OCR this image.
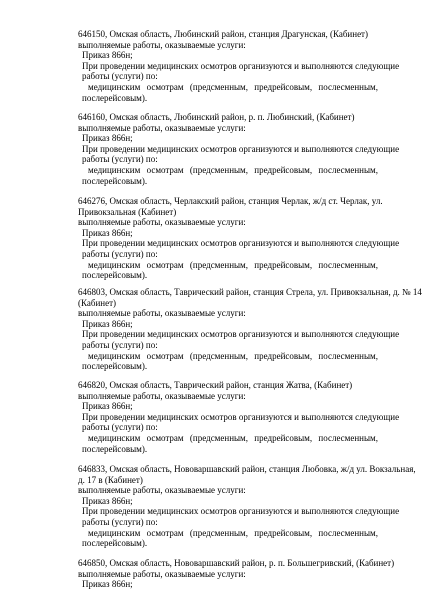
646150, Омская область, Любинский район, станция Драгунская, (Кабинет)
выполняемые работы, оказываемые услуги:
Приказ 866н;
При проведении медицинских осмотров организуются и выполняются следующие
работы (услуги) по:
медицинским осмотрам (предсменным, предрейсовым, послесменным,
послерейсовым).
646160, Омская область, Любинский район, р. п. Любинский, (Кабинет)
выполняемые работы, оказываемые услуги:
Приказ 866н;
При проведении медицинских осмотров организуются и выполняются следующие
работы (услуги) по:
медицинским осмотрам (предсменным, предрейсовым, послесменным,
послерейсовым).
646276, Омская область, Черлакский район, станция Черлак, ж/д ст. Черлак, ул.
Привокзальная (Кабинет)
выполняемые работы, оказываемые услуги:
Приказ 866н;
При проведении медицинских осмотров организуются и выполняются следующие
работы (услуги) по:
медицинским осмотрам (предсменным, предрейсовым, послесменным,
послерейсовым).
646803, Омская область, Таврический район, станция Стрела, ул. Привокзальная, д. № 14
(Кабинет)
выполняемые работы, оказываемые услуги:
Приказ 866н;
При проведении медицинских осмотров организуются и выполняются следующие
работы (услуги) по:
медицинским осмотрам (предсменным, предрейсовым, послесменным,
послерейсовым).
646820, Омская область, Таврический район, станция Жатва, (Кабинет)
выполняемые работы, оказываемые услуги:
Приказ 866н;
При проведении медицинских осмотров организуются и выполняются следующие
работы (услуги) по:
медицинским осмотрам (предсменным, предрейсовым, послесменным,
послерейсовым).
646833, Омская область, Нововаршавский район, станция Любовка, ж/д ул. Вокзальная,
д. 17 в (Кабинет)
выполняемые работы, оказываемые услуги:
Приказ 866н;
При проведении медицинских осмотров организуются и выполняются следующие
работы (услуги) по:
медицинским осмотрам (предсменным, предрейсовым, послесменным,
послерейсовым).
646850, Омская область, Нововаршавский район, р. п. Большегривский, (Кабинет)
выполняемые работы, оказываемые услуги:
Приказ 866н;
